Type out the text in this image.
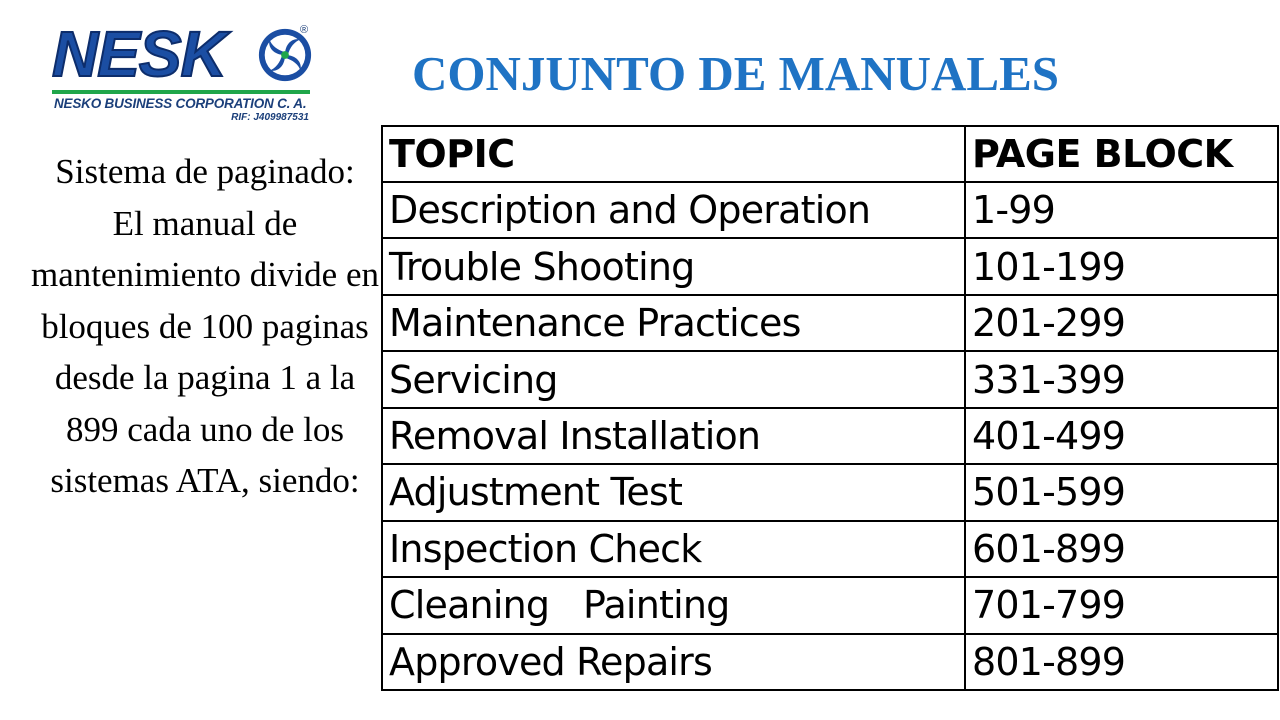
NESK	®
NESKO BUSINESS CORPORATION C. A.
RIF: J409987531
CONJUNTO DE MANUALES

Sistema de paginado:

El manual de mantenimiento divide en bloques de 100 paginas desde la pagina 1 a la 899 cada uno de los sistemas ATA, siendo:

TOPIC	PAGE BLOCK
Description and Operation	1-99
Trouble Shooting	101-199
Maintenance Practices	201-299
Servicing	331-399
Removal Installation	401-499
Adjustment Test	501-599
Inspection Check	601-899
Cleaning   Painting	701-799
Approved Repairs	801-899
